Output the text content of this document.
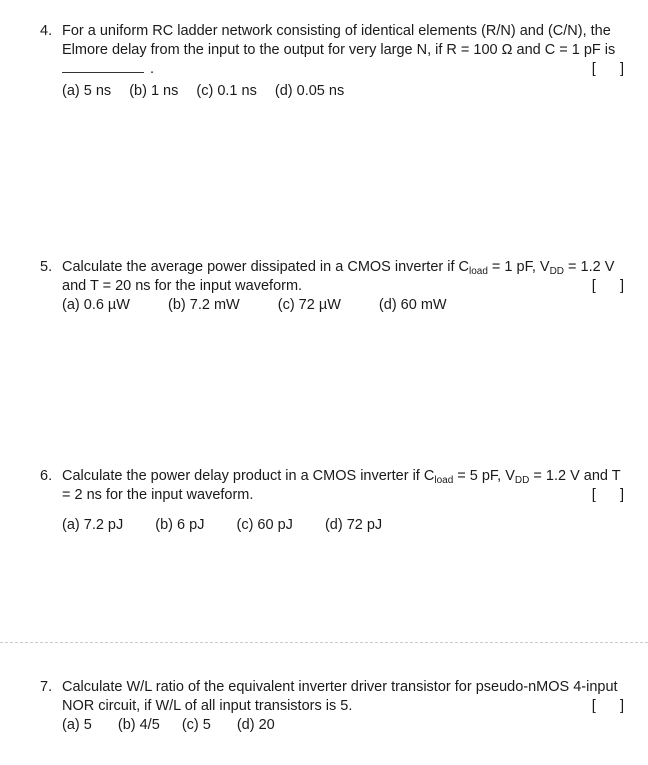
4. For a uniform RC ladder network consisting of identical elements (R/N) and (C/N), the
Elmore delay from the input to the output for very large N, if R = 100 Ω and C = 1 pF is
.	[      ]
(a) 5 ns (b) 1 ns (c) 0.1 ns (d) 0.05 ns
5. Calculate the average power dissipated in a CMOS inverter if $C_{load} = 1$ pF, $V_{DD} = 1.2$ V
and T = 20 ns for the input waveform.	[      ]
(a) 0.6 µW	(b) 7.2 mW	(c) 72 µW	(d) 60 mW
6. Calculate the power delay product in a CMOS inverter if $C_{load} = 5$ pF, $V_{DD} = 1.2$ V and T
= 2 ns for the input waveform.	[      ]
(a) 7.2 pJ (b) 6 pJ (c) 60 pJ (d) 72 pJ
7. Calculate W/L ratio of the equivalent inverter driver transistor for pseudo-nMOS 4-input
NOR circuit, if W/L of all input transistors is 5.	[      ]
(a) 5 (b) 4/5 (c) 5 (d) 20
